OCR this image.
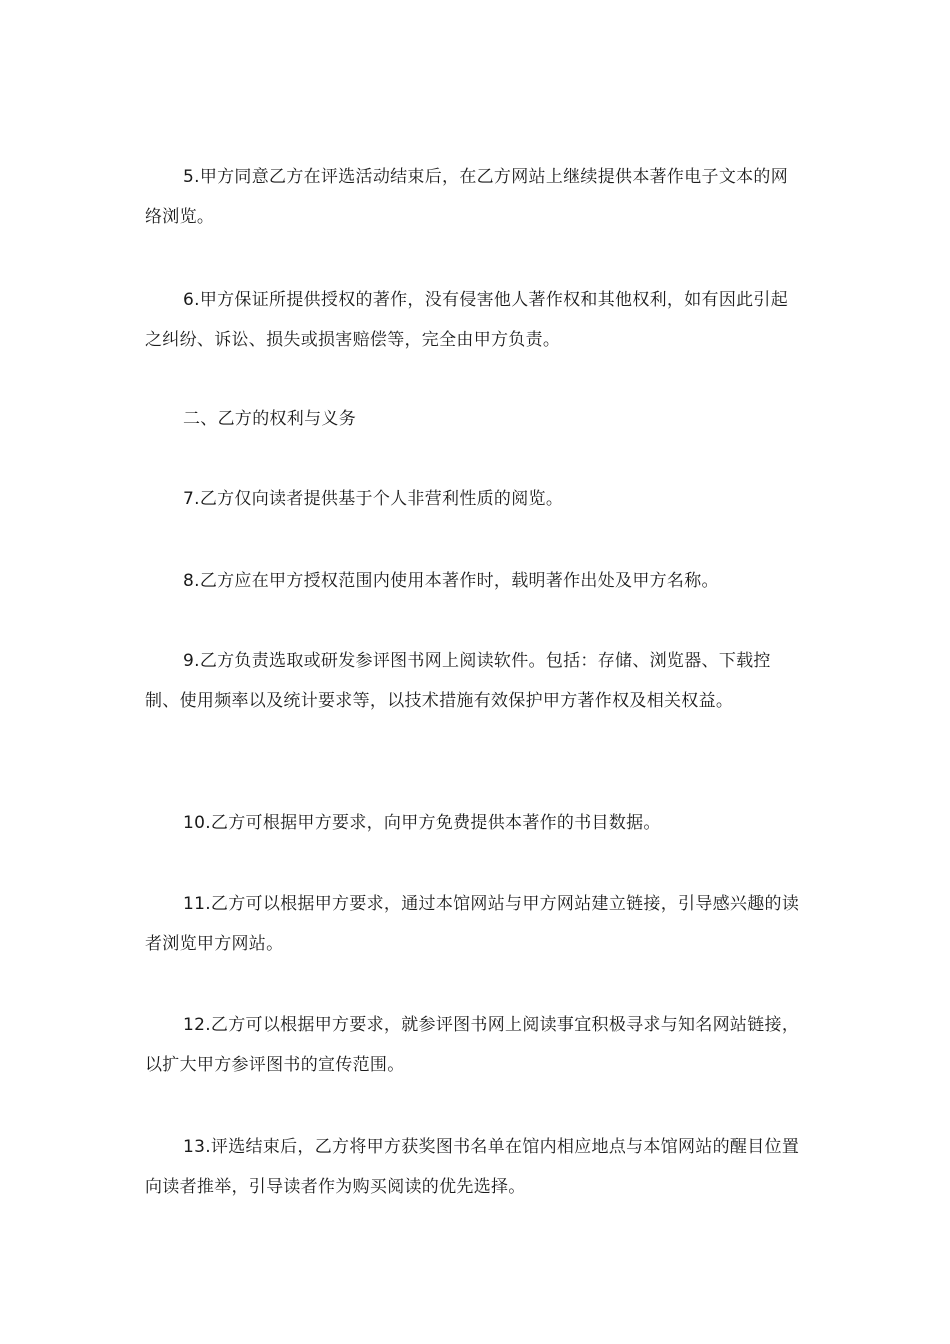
5.甲方同意乙方在评选活动结束后，在乙方网站上继续提供本著作电子文本的网络浏览。

6.甲方保证所提供授权的著作，没有侵害他人著作权和其他权利，如有因此引起之纠纷、诉讼、损失或损害赔偿等，完全由甲方负责。

二、乙方的权利与义务

7.乙方仅向读者提供基于个人非营利性质的阅览。

8.乙方应在甲方授权范围内使用本著作时，载明著作出处及甲方名称。

9.乙方负责选取或研发参评图书网上阅读软件。包括：存储、浏览器、下载控制、使用频率以及统计要求等，以技术措施有效保护甲方著作权及相关权益。

10.乙方可根据甲方要求，向甲方免费提供本著作的书目数据。

11.乙方可以根据甲方要求，通过本馆网站与甲方网站建立链接，引导感兴趣的读者浏览甲方网站。

12.乙方可以根据甲方要求，就参评图书网上阅读事宜积极寻求与知名网站链接，以扩大甲方参评图书的宣传范围。

13.评选结束后，乙方将甲方获奖图书名单在馆内相应地点与本馆网站的醒目位置向读者推举，引导读者作为购买阅读的优先选择。
